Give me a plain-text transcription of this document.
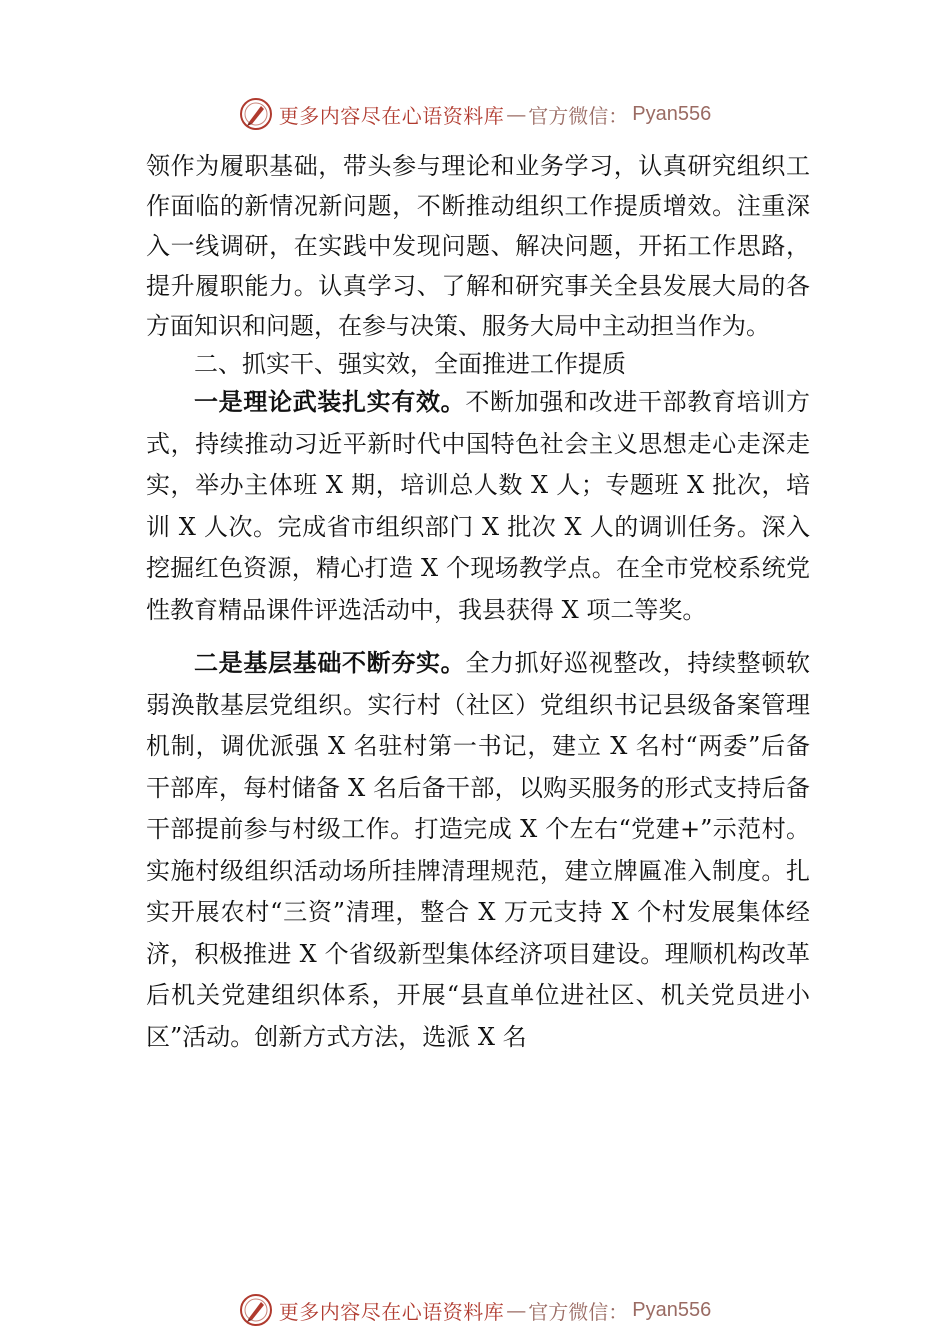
更多内容尽在心语资料库 — 官方微信： Pyan556

领作为履职基础，带头参与理论和业务学习，认真研究组织工作面临的新情况新问题，不断推动组织工作提质增效。注重深入一线调研，在实践中发现问题、解决问题，开拓工作思路，提升履职能力。认真学习、了解和研究事关全县发展大局的各方面知识和问题，在参与决策、服务大局中主动担当作为。

二、抓实干、强实效，全面推进工作提质

一是理论武装扎实有效。不断加强和改进干部教育培训方式，持续推动习近平新时代中国特色社会主义思想走心走深走实，举办主体班 X 期，培训总人数 X 人；专题班 X 批次，培训 X 人次。完成省市组织部门 X 批次 X 人的调训任务。深入挖掘红色资源，精心打造 X 个现场教学点。在全市党校系统党性教育精品课件评选活动中，我县获得 X 项二等奖。

二是基层基础不断夯实。全力抓好巡视整改，持续整顿软弱涣散基层党组织。实行村（社区）党组织书记县级备案管理机制，调优派强 X 名驻村第一书记，建立 X 名村“两委”后备干部库，每村储备 X 名后备干部，以购买服务的形式支持后备干部提前参与村级工作。打造完成 X 个左右“党建+”示范村。实施村级组织活动场所挂牌清理规范，建立牌匾准入制度。扎实开展农村“三资”清理，整合 X 万元支持 X 个村发展集体经济，积极推进 X 个省级新型集体经济项目建设。理顺机构改革后机关党建组织体系，开展“县直单位进社区、机关党员进小区”活动。创新方式方法，选派 X 名

更多内容尽在心语资料库 — 官方微信： Pyan556
